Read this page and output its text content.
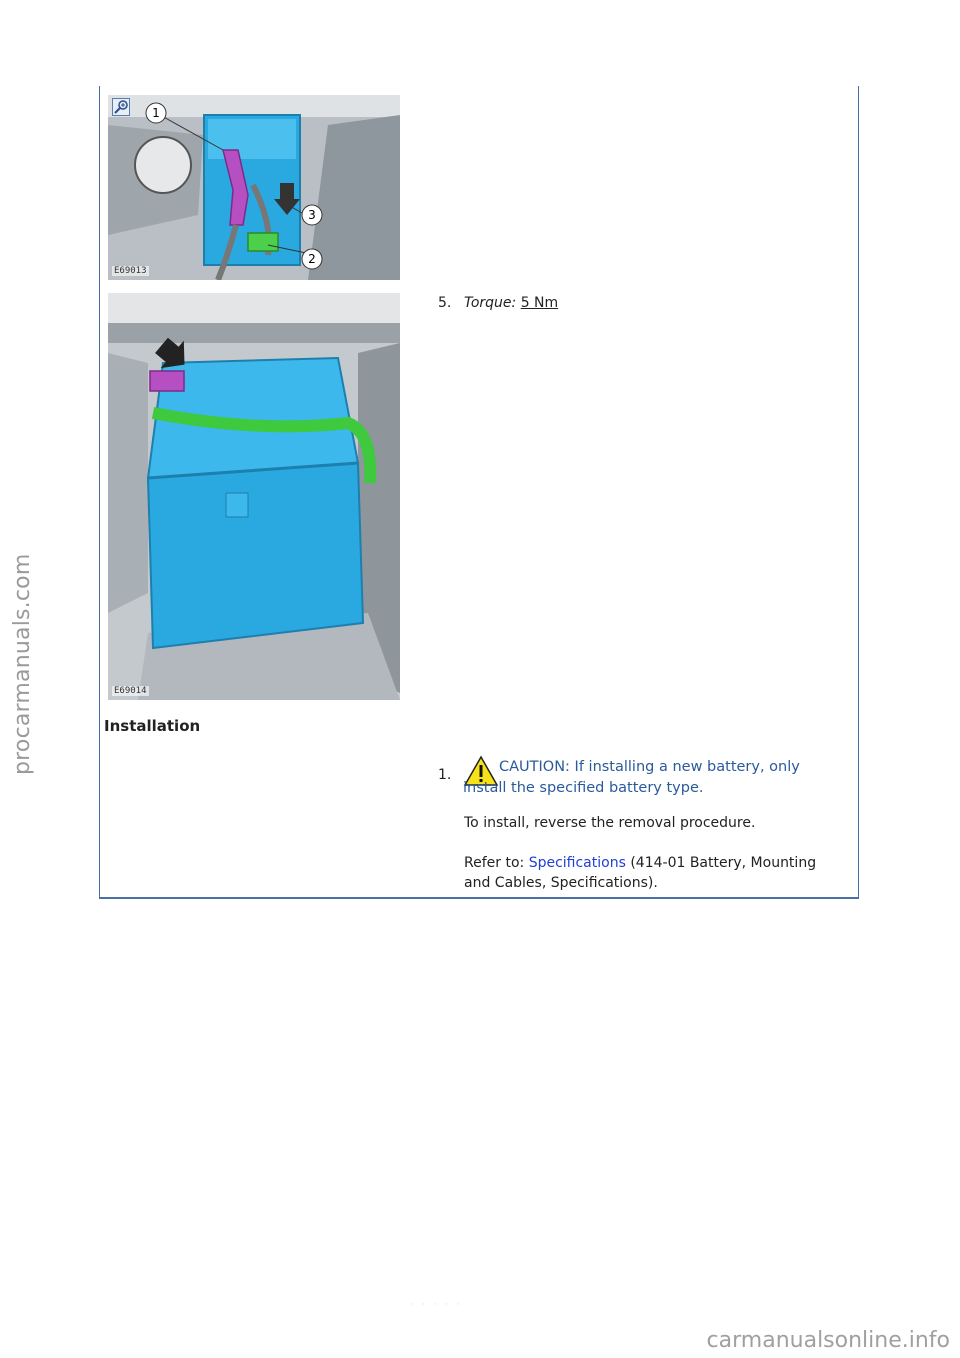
1
2
3
E69013
E69014
5. Torque: 5 Nm
Installation
1.	CAUTION: If installing a new battery, only install the specified battery type.
To install, reverse the removal procedure.
Refer to: Specifications (414-01 Battery, Mounting and Cables, Specifications).
procarmanuals.com
· · · · ·
carmanualsonline.info
